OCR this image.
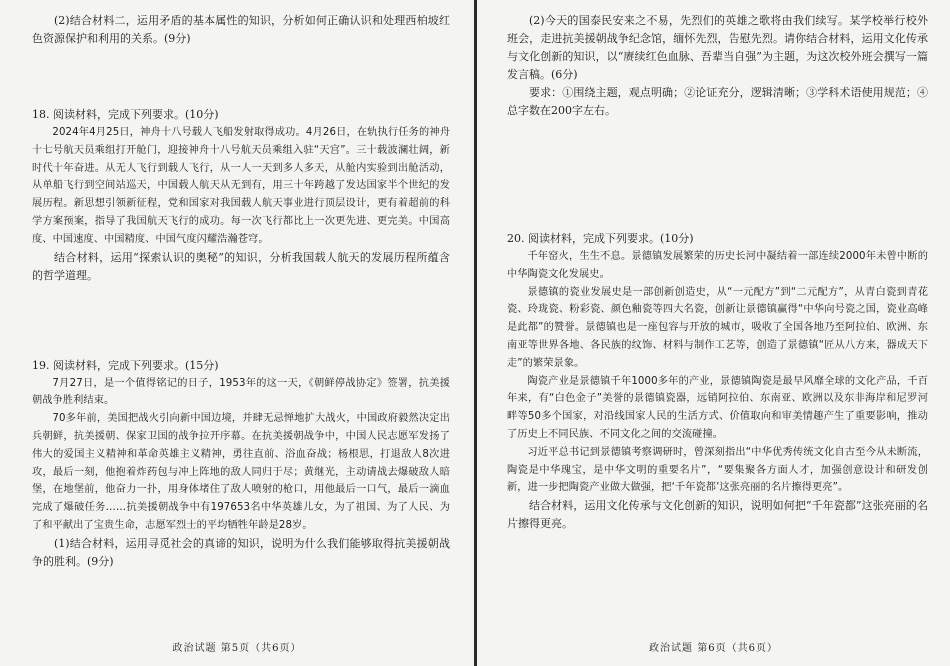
(2)结合材料二，运用矛盾的基本属性的知识，分析如何正确认识和处理西柏坡红色资源保护和利用的关系。(9分)

18. 阅读材料，完成下列要求。(10分)

2024年4月25日，神舟十八号载人飞船发射取得成功。4月26日，在轨执行任务的神舟十七号航天员乘组打开舱门，迎接神舟十八号航天员乘组入驻“天宫”。三十载波澜壮阔，新时代十年奋进。从无人飞行到载人飞行，从一人一天到多人多天，从舱内实验到出舱活动，从单船飞行到空间站巡天，中国载人航天从无到有，用三十年跨越了发达国家半个世纪的发展历程。新思想引领新征程，党和国家对我国载人航天事业进行顶层设计，更有着超前的科学方案预案，指导了我国航天飞行的成功。每一次飞行都比上一次更先进、更完美。中国高度、中国速度、中国精度、中国气度闪耀浩瀚苍穹。

结合材料，运用“探索认识的奥秘”的知识，分析我国载人航天的发展历程所蕴含的哲学道理。

19. 阅读材料，完成下列要求。(15分)

7月27日，是一个值得铭记的日子，1953年的这一天，《朝鲜停战协定》签署，抗美援朝战争胜利结束。

70多年前，美国把战火引向新中国边境，并肆无忌惮地扩大战火，中国政府毅然决定出兵朝鲜，抗美援朝、保家卫国的战争拉开序幕。在抗美援朝战争中，中国人民志愿军发扬了伟大的爱国主义精神和革命英雄主义精神，勇往直前、浴血奋战；杨根思，打退敌人8次进攻，最后一刻，他抱着炸药包与冲上阵地的敌人同归于尽；黄继光，主动请战去爆破敌人暗堡，在地堡前，他奋力一扑，用身体堵住了敌人喷射的枪口，用他最后一口气，最后一滴血完成了爆破任务……抗美援朝战争中有197653名中华英雄儿女，为了祖国、为了人民、为了和平献出了宝贵生命，志愿军烈士的平均牺牲年龄是28岁。

(1)结合材料，运用寻觅社会的真谛的知识，说明为什么我们能够取得抗美援朝战争的胜利。(9分)

政治试题 第5页（共6页）

(2)今天的国泰民安来之不易，先烈们的英雄之歌将由我们续写。某学校举行校外班会，走进抗美援朝战争纪念馆，缅怀先烈，告慰先烈。请你结合材料，运用文化传承与文化创新的知识，以“赓续红色血脉、吾辈当自强”为主题，为这次校外班会撰写一篇发言稿。(6分)

要求：①围绕主题，观点明确；②论证充分，逻辑清晰；③学科术语使用规范；④总字数在200字左右。

20. 阅读材料，完成下列要求。(10分)

千年窑火，生生不息。景德镇发展繁荣的历史长河中凝结着一部连续2000年未曾中断的中华陶瓷文化发展史。

景德镇的瓷业发展史是一部创新创造史，从“一元配方”到“二元配方”，从青白瓷到青花瓷、玲珑瓷、粉彩瓷、颜色釉瓷等四大名瓷，创新让景德镇赢得“中华向号瓷之国，瓷业高峰是此都”的赞誉。景德镇也是一座包容与开放的城市，吸收了全国各地乃至阿拉伯、欧洲、东南亚等世界各地、各民族的纹饰、材料与制作工艺等，创造了景德镇“匠从八方来，器成天下走”的繁荣景象。

陶瓷产业是景德镇千年1000多年的产业，景德镇陶瓷是最早风靡全球的文化产品，千百年来，有“白色金子”美誉的景德镇瓷器，远销阿拉伯、东南亚、欧洲以及东非海岸和尼罗河畔等50多个国家，对沿线国家人民的生活方式、价值取向和审美情趣产生了重要影响，推动了历史上不同民族、不同文化之间的交流碰撞。

习近平总书记到景德镇考察调研时，曾深刻指出“中华优秀传统文化自古至今从未断流，陶瓷是中华瑰宝，是中华文明的重要名片”，“要集聚各方面人才，加强创意设计和研发创新，进一步把陶瓷产业做大做强，把‘千年瓷都’这张亮丽的名片擦得更亮”。

结合材料，运用文化传承与文化创新的知识，说明如何把“千年瓷都”这张亮丽的名片擦得更亮。

政治试题 第6页（共6页）
